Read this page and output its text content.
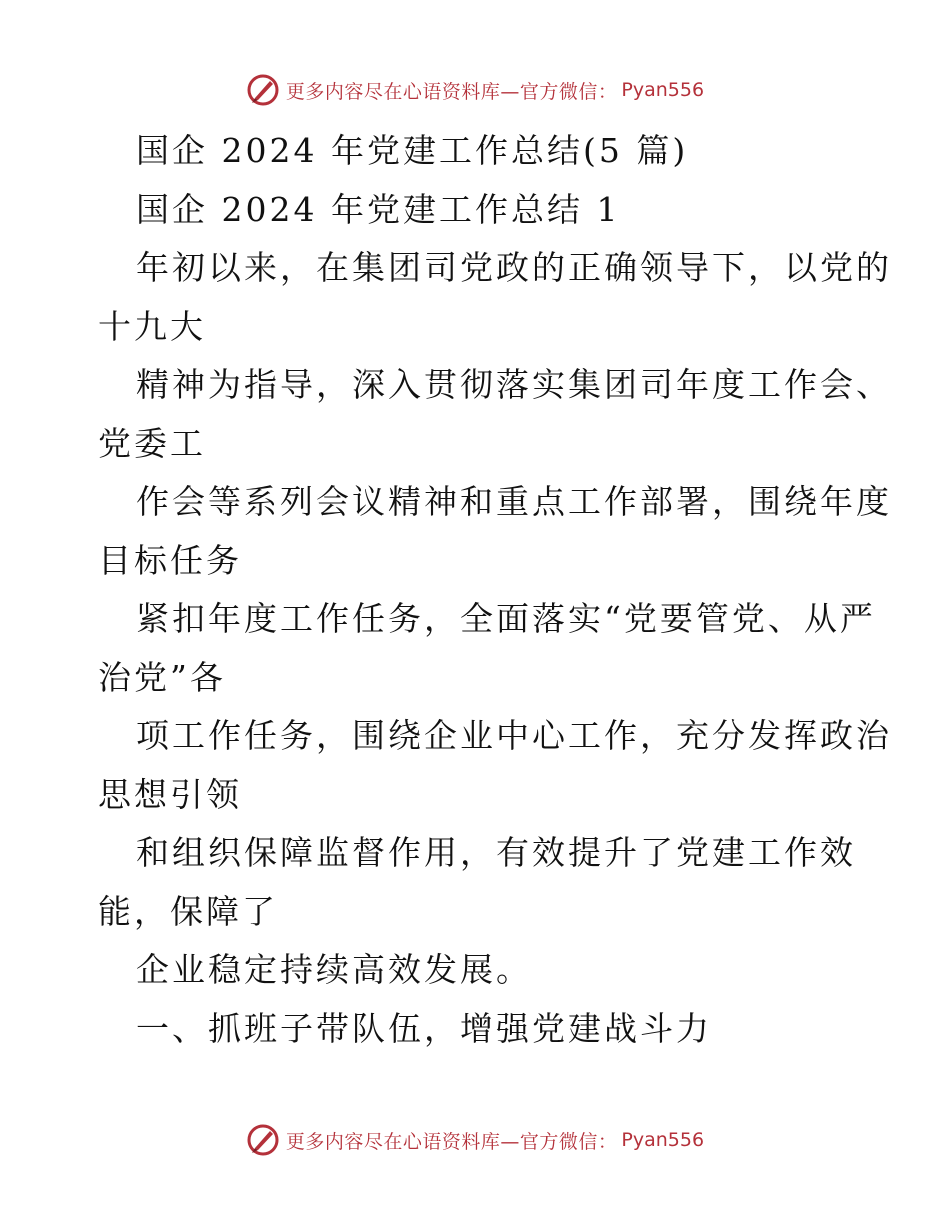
更多内容尽在心语资料库—官方微信： Pyan556
国企 2024 年党建工作总结(5 篇)
国企 2024 年党建工作总结 1
年初以来，在集团司党政的正确领导下，以党的
十九大
精神为指导，深入贯彻落实集团司年度工作会、
党委工
作会等系列会议精神和重点工作部署，围绕年度
目标任务
紧扣年度工作任务，全面落实“党要管党、从严
治党”各
项工作任务，围绕企业中心工作，充分发挥政治
思想引领
和组织保障监督作用，有效提升了党建工作效
能，保障了
企业稳定持续高效发展。
一、抓班子带队伍，增强党建战斗力
更多内容尽在心语资料库—官方微信： Pyan556
